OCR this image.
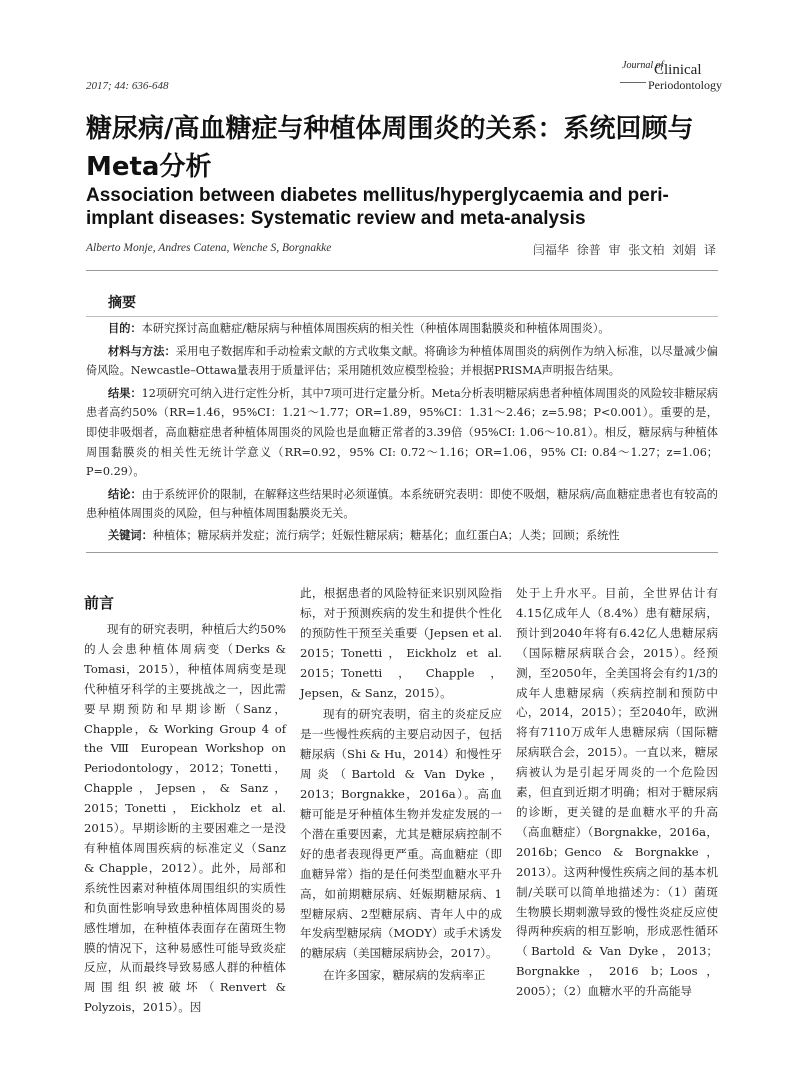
2017; 44: 636-648
Journal of
Clinical
Periodontology
糖尿病/高血糖症与种植体周围炎的关系：系统回顾与Meta分析
Association between diabetes mellitus/hyperglycaemia and peri-implant diseases: Systematic review and meta-analysis
Alberto Monje, Andres Catena, Wenche S, Borgnakke	闫福华 徐普 审 张文柏 刘娟 译
摘要

目的：本研究探讨高血糖症/糖尿病与种植体周围疾病的相关性（种植体周围黏膜炎和种植体周围炎）。

材料与方法：采用电子数据库和手动检索文献的方式收集文献。将确诊为种植体周围炎的病例作为纳入标准，以尽量减少偏倚风险。Newcastle–Ottawa量表用于质量评估；采用随机效应模型检验；并根据PRISMA声明报告结果。

结果：12项研究可纳入进行定性分析，其中7项可进行定量分析。Meta分析表明糖尿病患者种植体周围炎的风险较非糖尿病患者高约50%（RR=1.46，95%CI：1.21～1.77；OR=1.89，95%CI：1.31～2.46；z=5.98；P<0.001）。重要的是，即使非吸烟者，高血糖症患者种植体周围炎的风险也是血糖正常者的3.39倍（95%CI: 1.06～10.81）。相反，糖尿病与种植体周围黏膜炎的相关性无统计学意义（RR=0.92，95% CI: 0.72～1.16；OR=1.06，95% CI: 0.84～1.27；z=1.06；P=0.29）。

结论：由于系统评价的限制，在解释这些结果时必须谨慎。本系统研究表明：即使不吸烟，糖尿病/高血糖症患者也有较高的患种植体周围炎的风险，但与种植体周围黏膜炎无关。

关键词：种植体；糖尿病并发症；流行病学；妊娠性糖尿病；糖基化；血红蛋白A；人类；回顾；系统性
前言

现有的研究表明，种植后大约50%的人会患种植体周病变（Derks & Tomasi，2015），种植体周病变是现代种植牙科学的主要挑战之一，因此需要早期预防和早期诊断（Sanz，Chapple，& Working Group 4 of the Ⅷ European Workshop on Periodontology，2012；Tonetti，Chapple，Jepsen，& Sanz，2015；Tonetti，Eickholz et al. 2015）。早期诊断的主要困难之一是没有种植体周围疾病的标准定义（Sanz & Chapple，2012）。此外，局部和系统性因素对种植体周围组织的实质性和负面性影响导致患种植体周围炎的易感性增加，在种植体表面存在菌斑生物膜的情况下，这种易感性可能导致炎症反应，从而最终导致易感人群的种植体周围组织被破坏（Renvert & Polyzois，2015）。因

此，根据患者的风险特征来识别风险指标，对于预测疾病的发生和提供个性化的预防性干预至关重要（Jepsen et al. 2015；Tonetti，Eickholz et al. 2015；Tonetti，Chapple，Jepsen，& Sanz，2015）。

现有的研究表明，宿主的炎症反应是一些慢性疾病的主要启动因子，包括糖尿病（Shi & Hu，2014）和慢性牙周炎（Bartold & Van Dyke，2013；Borgnakke，2016a）。高血糖可能是牙种植体生物并发症发展的一个潜在重要因素，尤其是糖尿病控制不好的患者表现得更严重。高血糖症（即血糖异常）指的是任何类型血糖水平升高，如前期糖尿病、妊娠期糖尿病、1型糖尿病、2型糖尿病、青年人中的成年发病型糖尿病（MODY）或手术诱发的糖尿病（美国糖尿病协会，2017）。

在许多国家，糖尿病的发病率正

处于上升水平。目前，全世界估计有4.15亿成年人（8.4%）患有糖尿病，预计到2040年将有6.42亿人患糖尿病（国际糖尿病联合会，2015）。经预测，至2050年，全美国将会有约1/3的成年人患糖尿病（疾病控制和预防中心，2014，2015）；至2040年，欧洲将有7110万成年人患糖尿病（国际糖尿病联合会，2015）。一直以来，糖尿病被认为是引起牙周炎的一个危险因素，但直到近期才明确；相对于糖尿病的诊断，更关键的是血糖水平的升高（高血糖症）（Borgnakke，2016a，2016b；Genco & Borgnakke，2013）。这两种慢性疾病之间的基本机制/关联可以简单地描述为：（1）菌斑生物膜长期刺激导致的慢性炎症反应使得两种疾病的相互影响，形成恶性循环（Bartold & Van Dyke，2013；Borgnakke，2016 b；Loos，2005）；（2）血糖水平的升高能导
